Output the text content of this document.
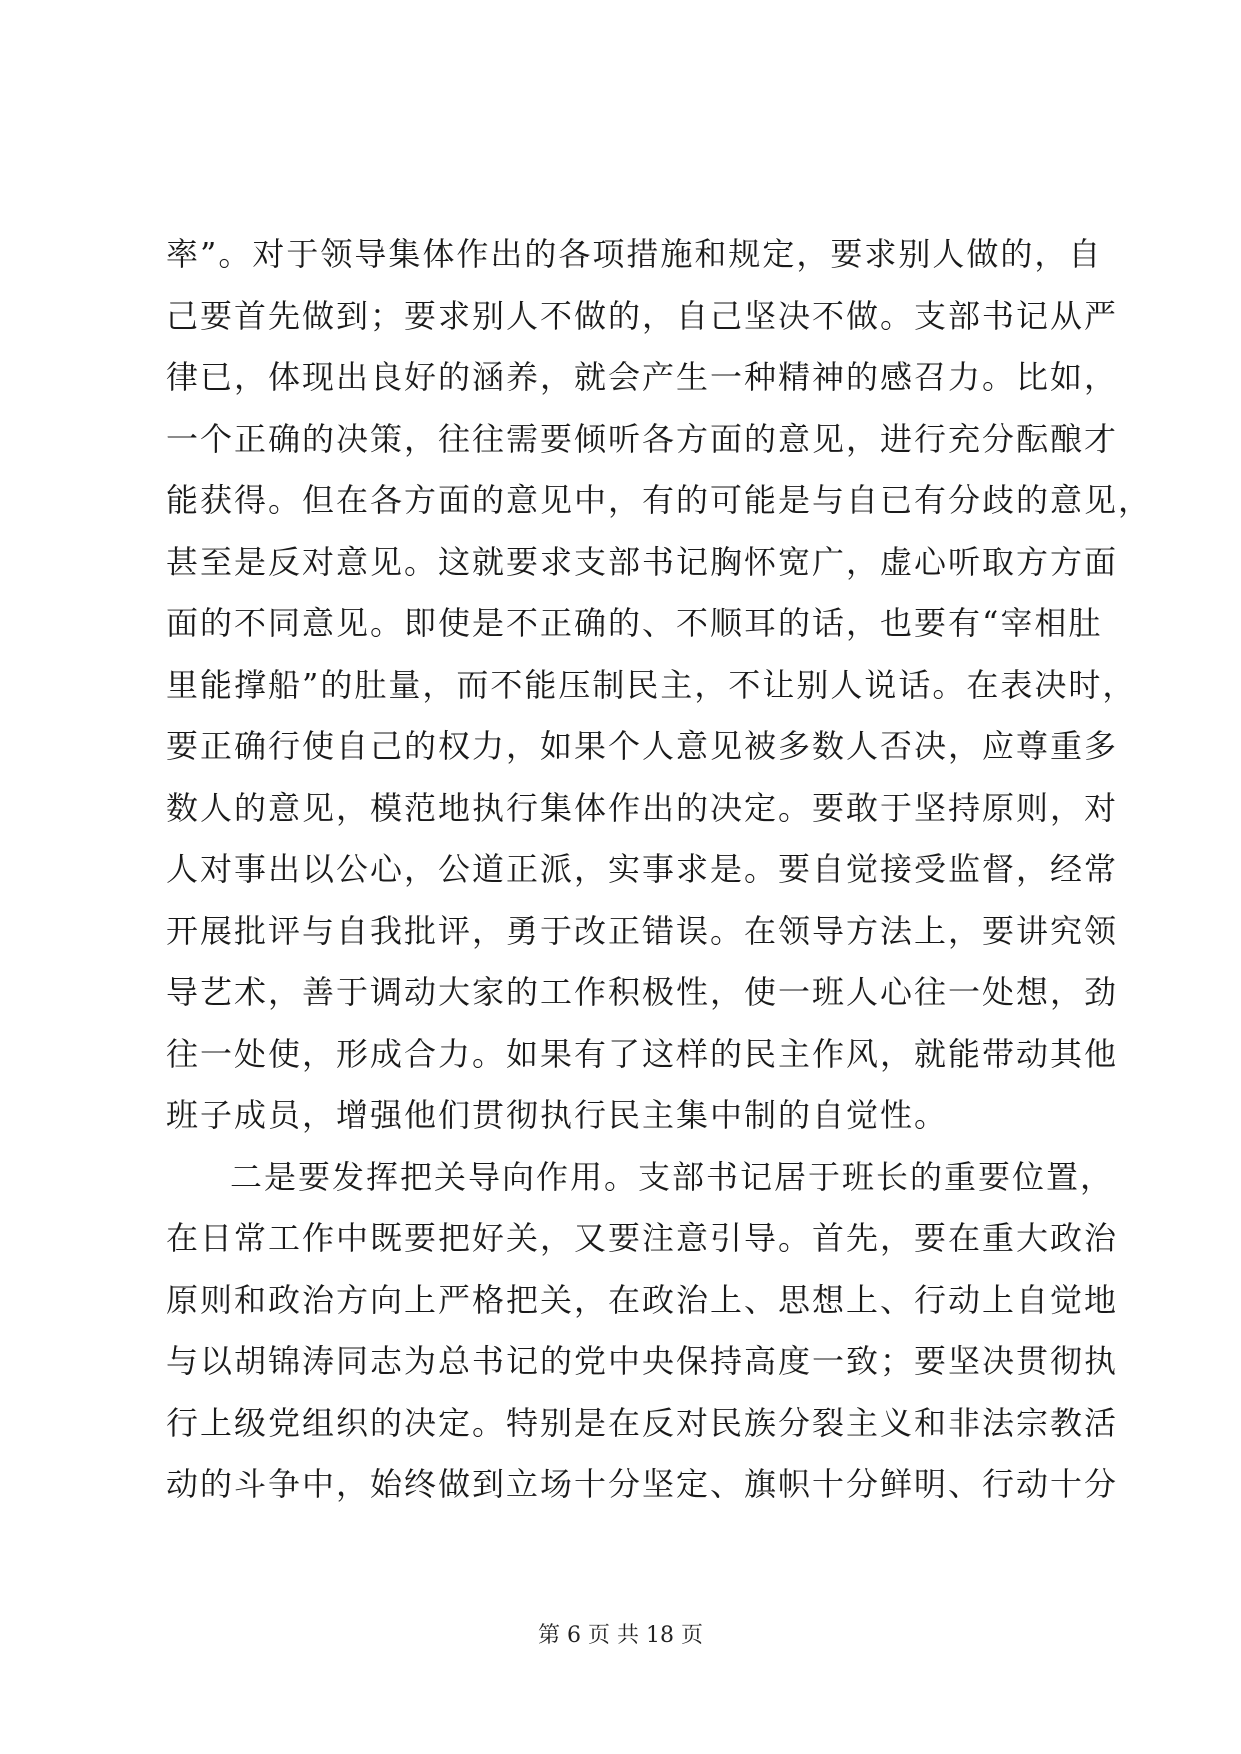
率”。对于领导集体作出的各项措施和规定，要求别人做的，自
己要首先做到；要求别人不做的，自己坚决不做。支部书记从严
律已，体现出良好的涵养，就会产生一种精神的感召力。比如，
一个正确的决策，往往需要倾听各方面的意见，进行充分酝酿才
能获得。但在各方面的意见中，有的可能是与自已有分歧的意见，
甚至是反对意见。这就要求支部书记胸怀宽广，虚心听取方方面
面的不同意见。即使是不正确的、不顺耳的话，也要有“宰相肚
里能撑船”的肚量，而不能压制民主，不让别人说话。在表决时，
要正确行使自己的权力，如果个人意见被多数人否决，应尊重多
数人的意见，模范地执行集体作出的决定。要敢于坚持原则，对
人对事出以公心，公道正派，实事求是。要自觉接受监督，经常
开展批评与自我批评，勇于改正错误。在领导方法上，要讲究领
导艺术，善于调动大家的工作积极性，使一班人心往一处想，劲
往一处使，形成合力。如果有了这样的民主作风，就能带动其他
班子成员，增强他们贯彻执行民主集中制的自觉性。
二是要发挥把关导向作用。支部书记居于班长的重要位置，
在日常工作中既要把好关，又要注意引导。首先，要在重大政治
原则和政治方向上严格把关，在政治上、思想上、行动上自觉地
与以胡锦涛同志为总书记的党中央保持高度一致；要坚决贯彻执
行上级党组织的决定。特别是在反对民族分裂主义和非法宗教活
动的斗争中，始终做到立场十分坚定、旗帜十分鲜明、行动十分
第 6 页 共 18 页
